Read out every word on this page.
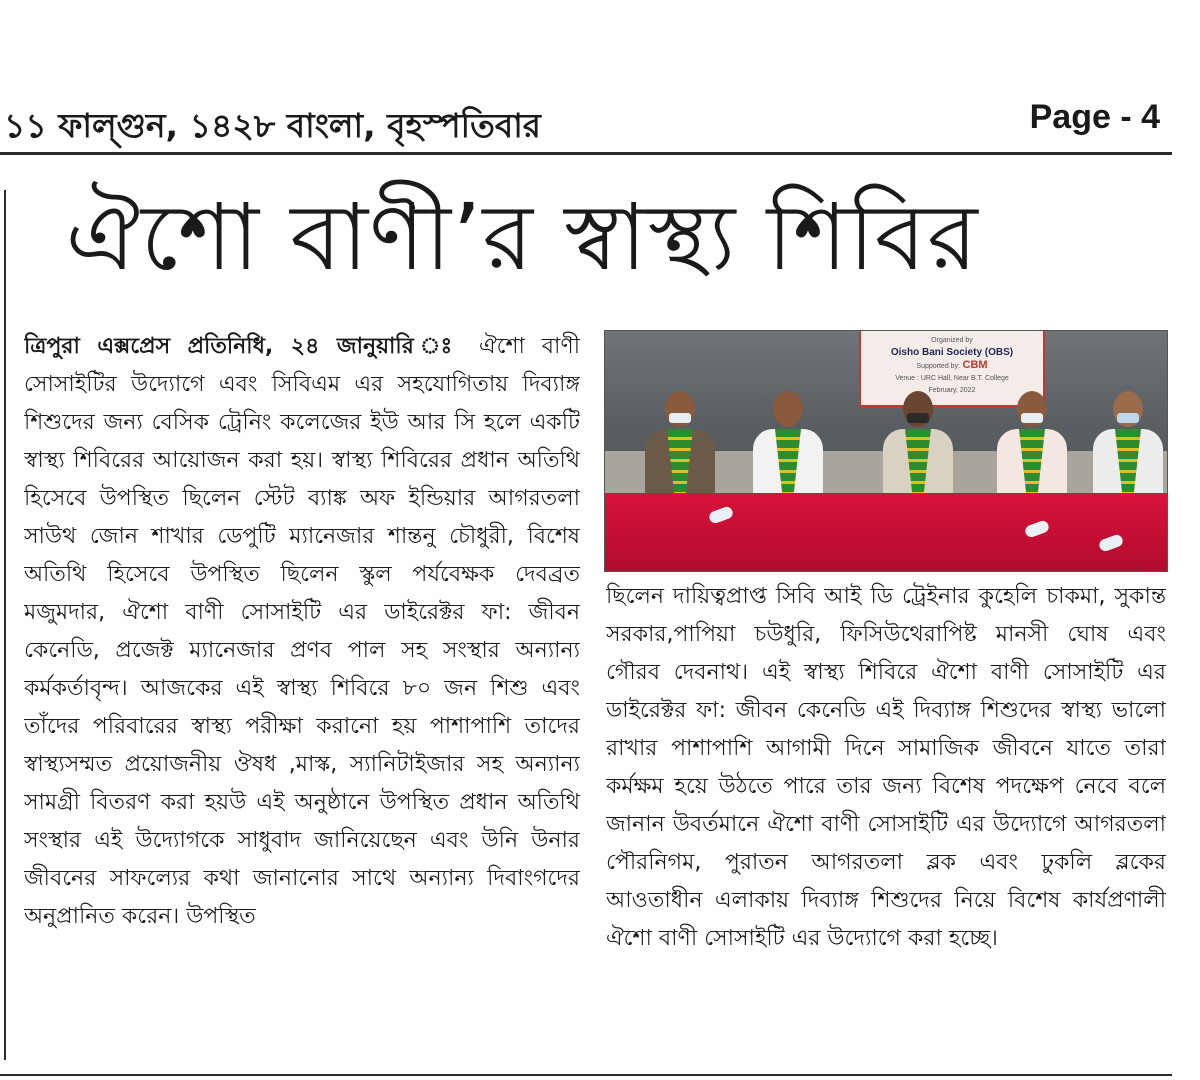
১১ ফাল্গুন, ১৪২৮ বাংলা, বৃহস্পতিবার	Page - 4
ঐশো বাণী’র স্বাস্থ্য শিবির
ত্রিপুরা এক্সপ্রেস প্রতিনিধি, ২৪ জানুয়ারি ঃ ঐশো বাণী সোসাইটির উদ্যোগে এবং সিবিএম এর সহযোগিতায় দিব্যাঙ্গ শিশুদের জন্য বেসিক ট্রেনিং কলেজের ইউ আর সি হলে একটি স্বাস্থ্য শিবিরের আয়োজন করা হয়। স্বাস্থ্য শিবিরের প্রধান অতিথি হিসেবে উপস্থিত ছিলেন স্টেট ব্যাঙ্ক অফ ইন্ডিয়ার আগরতলা সাউথ জোন শাখার ডেপুটি ম্যানেজার শান্তনু চৌধুরী, বিশেষ অতিথি হিসেবে উপস্থিত ছিলেন স্কুল পর্যবেক্ষক দেবব্রত মজুমদার, ঐশো বাণী সোসাইটি এর ডাইরেক্টর ফা: জীবন কেনেডি, প্রজেক্ট ম্যানেজার প্রণব পাল সহ সংস্থার অন্যান্য কর্মকর্তাবৃন্দ। আজকের এই স্বাস্থ্য শিবিরে ৮০ জন শিশু এবং তাঁদের পরিবারের স্বাস্থ্য পরীক্ষা করানো হয় পাশাপাশি তাদের স্বাস্থ্যসম্মত প্রয়োজনীয় ঔষধ ,মাস্ক, স্যানিটাইজার সহ অন্যান্য সামগ্রী বিতরণ করা হয়উ এই অনুষ্ঠানে উপস্থিত প্রধান অতিথি সংস্থার এই উদ্যোগকে সাধুবাদ জানিয়েছেন এবং উনি উনার জীবনের সাফল্যের কথা জানানোর সাথে অন্যান্য দিবাংগদের অনুপ্রানিত করেন। উপস্থিত
Organized by
Oisho Bani Society (OBS)
Supported by: CBM
Venue : URC Hall, Near B.T. College
February, 2022
ছিলেন দায়িত্বপ্রাপ্ত সিবি আই ডি ট্রেইনার কুহেলি চাকমা, সুকান্ত সরকার,পাপিয়া চউধুরি, ফিসিউথেরাপিষ্ট মানসী ঘোষ এবং গৌরব দেবনাথ। এই স্বাস্থ্য শিবিরে ঐশো বাণী সোসাইটি এর ডাইরেক্টর ফা: জীবন কেনেডি এই দিব্যাঙ্গ শিশুদের স্বাস্থ্য ভালো রাখার পাশাপাশি আগামী দিনে সামাজিক জীবনে যাতে তারা কর্মক্ষম হয়ে উঠতে পারে তার জন্য বিশেষ পদক্ষেপ নেবে বলে জানান উবর্তমানে ঐশো বাণী সোসাইটি এর উদ্যোগে আগরতলা পৌরনিগম, পুরাতন আগরতলা ব্লক এবং ঢুকলি ব্লকের আওতাধীন এলাকায় দিব্যাঙ্গ শিশুদের নিয়ে বিশেষ কার্যপ্রণালী ঐশো বাণী সোসাইটি এর উদ্যোগে করা হচ্ছে।
